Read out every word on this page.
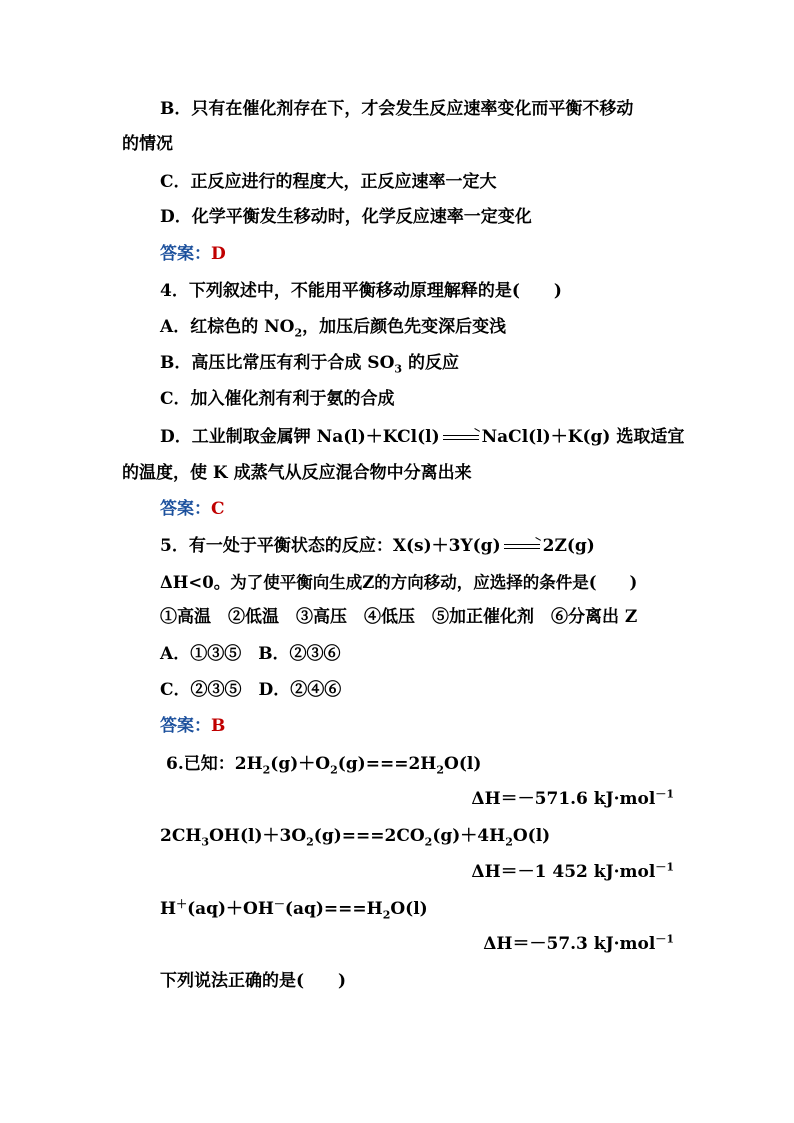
B．只有在催化剂存在下，才会发生反应速率变化而平衡不移动
的情况
C．正反应进行的程度大，正反应速率一定大
D．化学平衡发生移动时，化学反应速率一定变化
答案：D
4．下列叙述中，不能用平衡移动原理解释的是(　　)
A．红棕色的 $NO_2$，加压后颜色先变深后变浅
B．高压比常压有利于合成 $SO_3$ 的反应
C．加入催化剂有利于氨的合成
D．工业制取金属钾 Na(l)＋KCl(l) → NaCl(l)＋K(g) 选取适宜
的温度，使 K 成蒸气从反应混合物中分离出来
答案：C
5．有一处于平衡状态的反应：X(s)＋3Y(g) → 2Z(g)
ΔH<0。为了使平衡向生成Z的方向移动，应选择的条件是(　　)
①高温　②低温　③高压　④低压　⑤加正催化剂　⑥分离出 Z
A．①③⑤　B．②③⑥
C．②③⑤　D．②④⑥
答案：B
6.已知：$2H_2(g)+O_2(g)===2H_2O(l)$
ΔH＝－571.6 kJ·mol$^{-1}$
$2CH_3OH(l)+3O_2(g)===2CO_2(g)+4H_2O(l)$
ΔH＝－1 452 kJ·mol$^{-1}$
$H^+(aq)+OH^-(aq)===H_2O(l)$
ΔH＝－57.3 kJ·mol$^{-1}$
下列说法正确的是(　　)
